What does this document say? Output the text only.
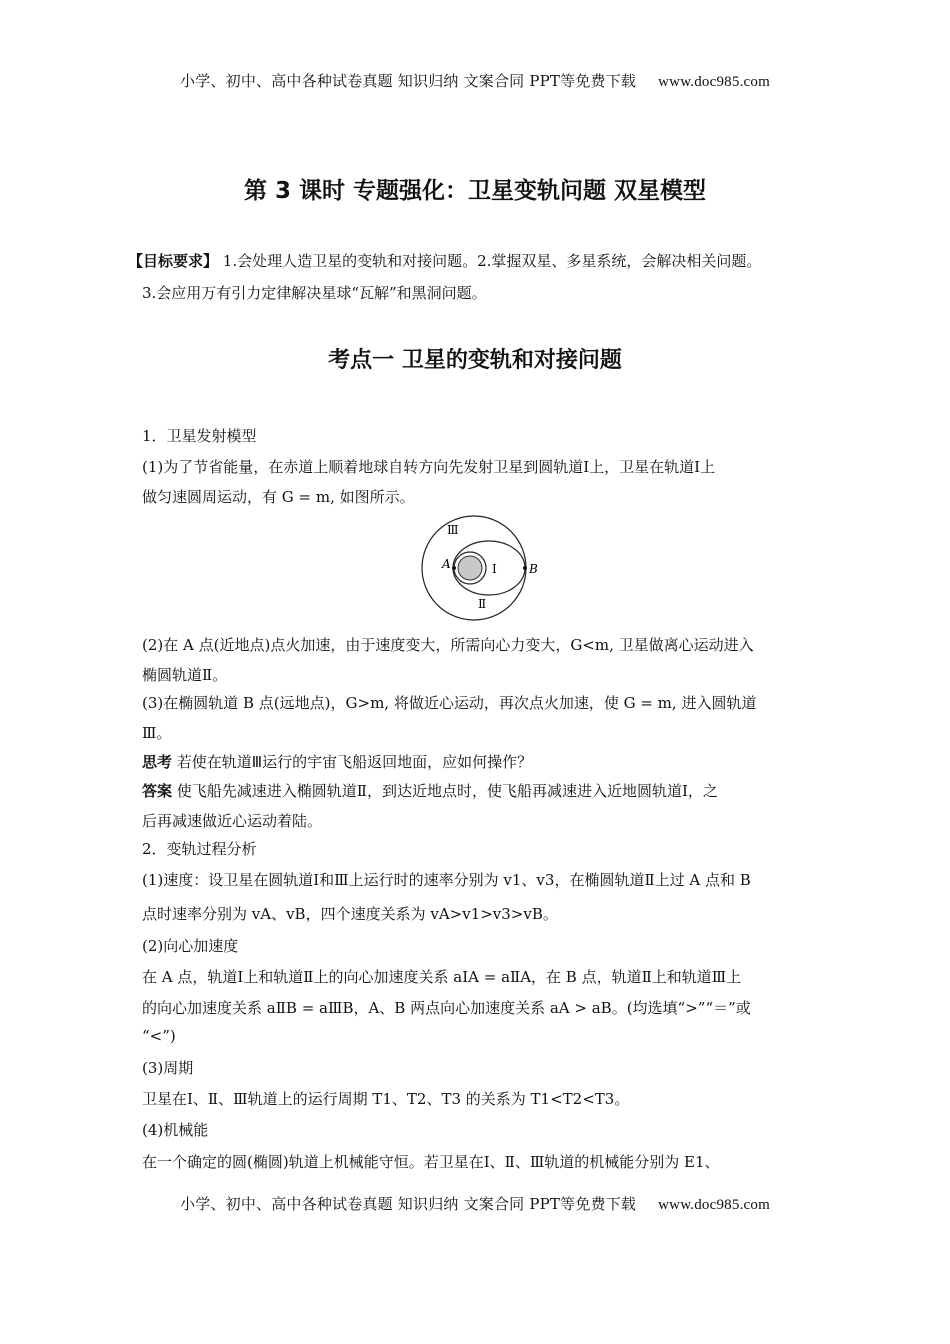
小学、初中、高中各种试卷真题 知识归纳 文案合同 PPT等免费下载 www.doc985.com
第 3 课时 专题强化：卫星变轨问题 双星模型
【目标要求】 1.会处理人造卫星的变轨和对接问题。2.掌握双星、多星系统，会解决相关问题。
3.会应用万有引力定律解决星球“瓦解”和黑洞问题。
考点一 卫星的变轨和对接问题
1．卫星发射模型
(1)为了节省能量，在赤道上顺着地球自转方向先发射卫星到圆轨道Ⅰ上，卫星在轨道Ⅰ上
做匀速圆周运动，有 G = m, 如图所示。
Ⅲ
Ⅰ
Ⅱ
A	B
(2)在 A 点(近地点)点火加速，由于速度变大，所需向心力变大，G<m, 卫星做离心运动进入
椭圆轨道Ⅱ。
(3)在椭圆轨道 B 点(远地点)，G>m, 将做近心运动，再次点火加速，使 G = m, 进入圆轨道
Ⅲ。
思考 若使在轨道Ⅲ运行的宇宙飞船返回地面，应如何操作？
答案 使飞船先减速进入椭圆轨道Ⅱ，到达近地点时，使飞船再减速进入近地圆轨道Ⅰ，之
后再减速做近心运动着陆。
2．变轨过程分析
(1)速度：设卫星在圆轨道Ⅰ和Ⅲ上运行时的速率分别为 v1、v3，在椭圆轨道Ⅱ上过 A 点和 B
点时速率分别为 vA、vB，四个速度关系为 vA>v1>v3>vB。
(2)向心加速度
在 A 点，轨道Ⅰ上和轨道Ⅱ上的向心加速度关系 aⅠA = aⅡA，在 B 点，轨道Ⅱ上和轨道Ⅲ上
的向心加速度关系 aⅡB = aⅢB，A、B 两点向心加速度关系 aA > aB。(均选填“>”“＝”或
“<”)
(3)周期
卫星在Ⅰ、Ⅱ、Ⅲ轨道上的运行周期 T1、T2、T3 的关系为 T1<T2<T3。
(4)机械能
在一个确定的圆(椭圆)轨道上机械能守恒。若卫星在Ⅰ、Ⅱ、Ⅲ轨道的机械能分别为 E1、
小学、初中、高中各种试卷真题 知识归纳 文案合同 PPT等免费下载 www.doc985.com
